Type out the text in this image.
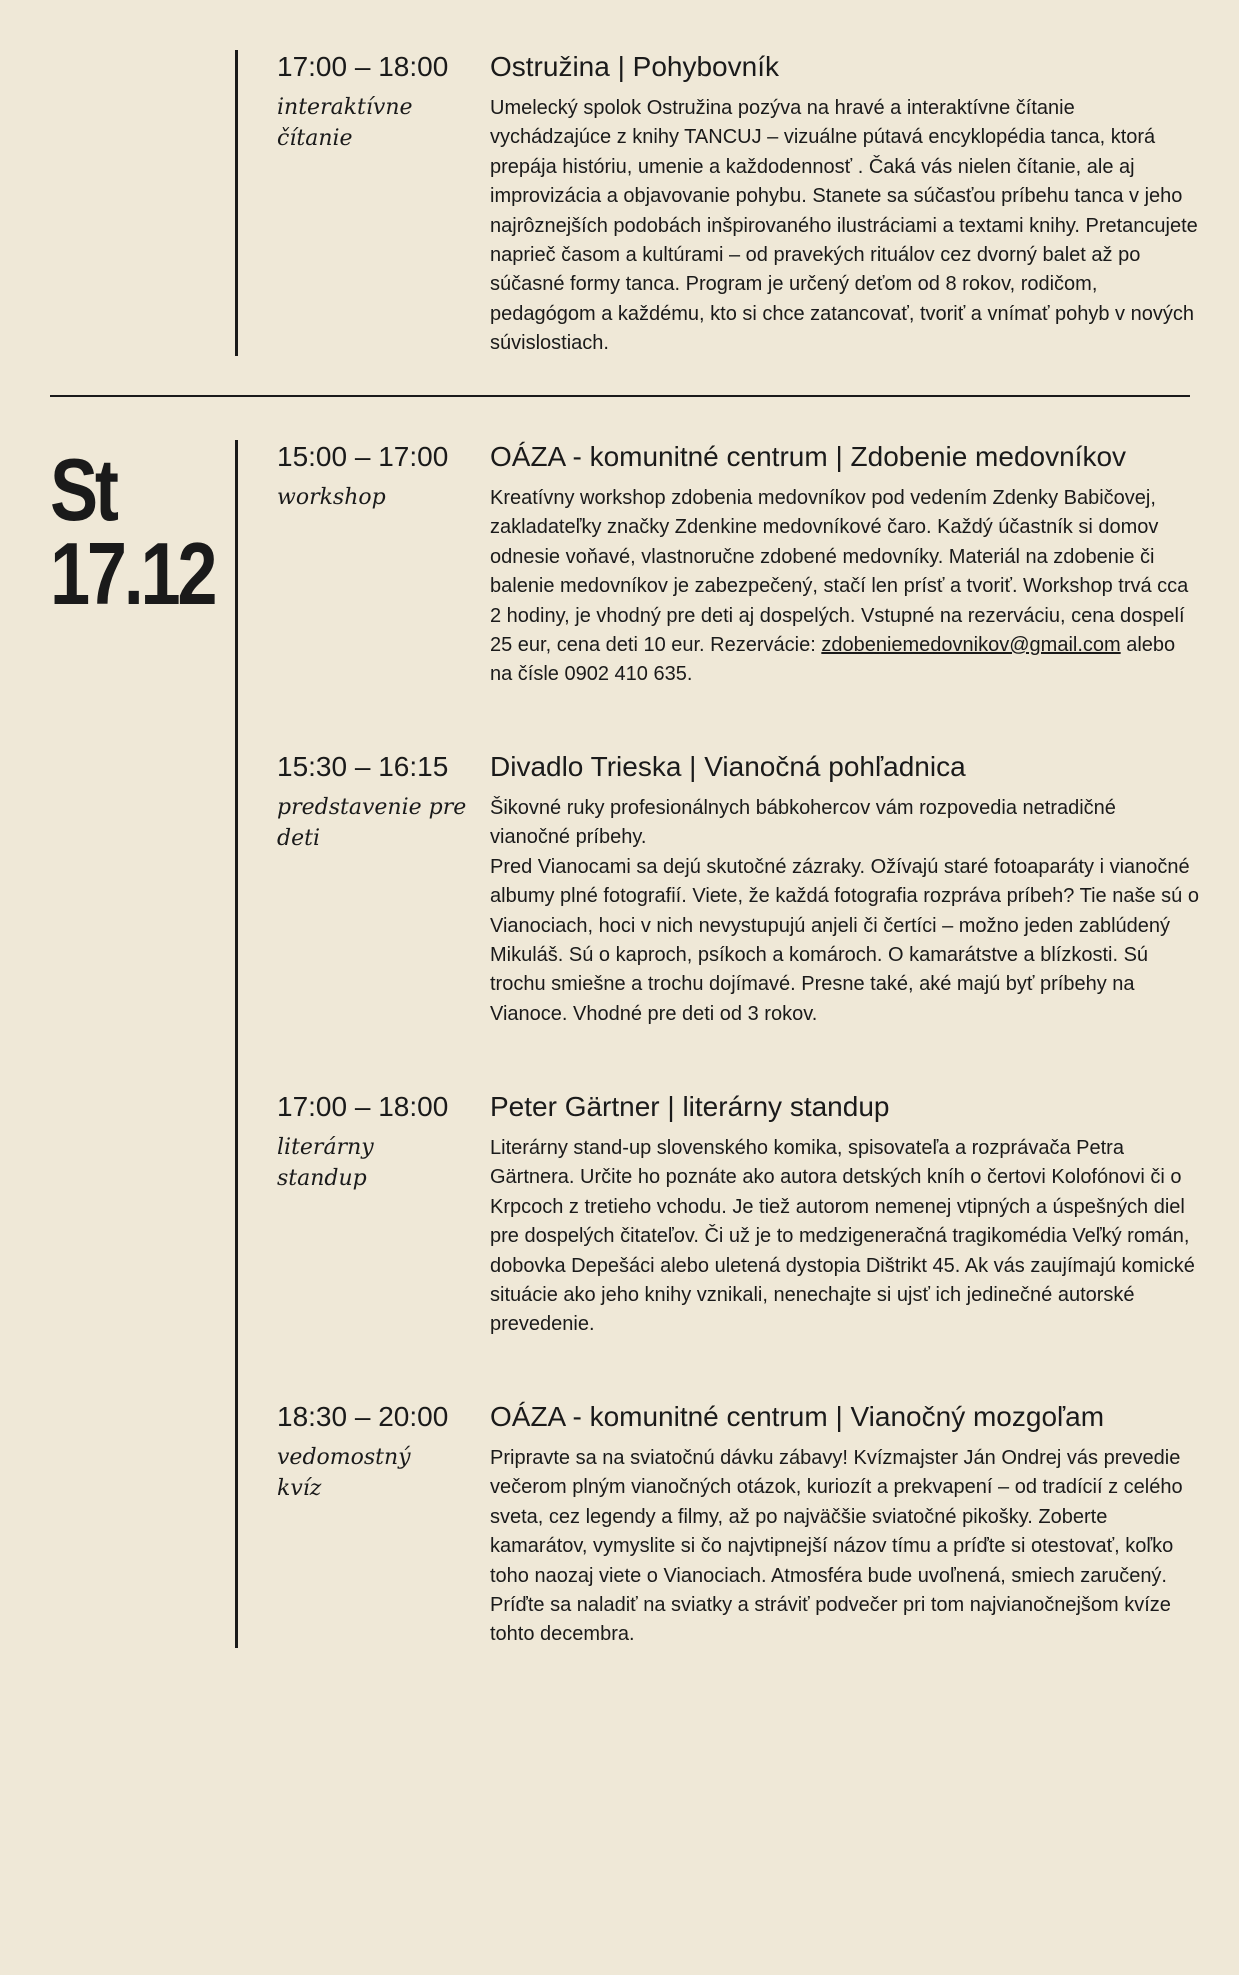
17:00 – 18:00
interaktívne čítanie
Ostružina | Pohybovník
Umelecký spolok Ostružina pozýva na hravé a interaktívne čítanie vychádzajúce z knihy TANCUJ – vizuálne pútavá encyklopédia tanca, ktorá prepája históriu, umenie a každodennosť . Čaká vás nielen čítanie, ale aj improvizácia a objavovanie pohybu. Stanete sa súčasťou príbehu tanca v jeho najrôznejších podobách inšpirovaného ilustráciami a textami knihy. Pretancujete naprieč časom a kultúrami – od pravekých rituálov cez dvorný balet až po súčasné formy tanca. Program je určený deťom od 8 rokov, rodičom, pedagógom a každému, kto si chce zatancovať, tvoriť a vnímať pohyb v nových súvislostiach.
St
17.12
15:00 – 17:00
workshop
OÁZA - komunitné centrum | Zdobenie medovníkov
Kreatívny workshop zdobenia medovníkov pod vedením Zdenky Babičovej, zakladateľky značky Zdenkine medovníkové čaro. Každý účastník si domov odnesie voňavé, vlastnoručne zdobené medovníky. Materiál na zdobenie či balenie medovníkov je zabezpečený, stačí len prísť a tvoriť. Workshop trvá cca 2 hodiny, je vhodný pre deti aj dospelých. Vstupné na rezerváciu, cena dospelí 25 eur, cena deti 10 eur. Rezervácie: zdobeniemedovnikov@gmail.com alebo na čísle 0902 410 635.
15:30 – 16:15
predstavenie pre deti
Divadlo Trieska | Vianočná pohľadnica
Šikovné ruky profesionálnych bábkohercov vám rozpovedia netradičné vianočné príbehy.
Pred Vianocami sa dejú skutočné zázraky. Ožívajú staré fotoaparáty i vianočné albumy plné fotografií. Viete, že každá fotografia rozpráva príbeh? Tie naše sú o Vianociach, hoci v nich nevystupujú anjeli či čertíci – možno jeden zablúdený Mikuláš. Sú o kaproch, psíkoch a komároch. O kamarátstve a blízkosti. Sú trochu smiešne a trochu dojímavé. Presne také, aké majú byť príbehy na Vianoce. Vhodné pre deti od 3 rokov.
17:00 – 18:00
literárny standup
Peter Gärtner | literárny standup
Literárny stand-up slovenského komika, spisovateľa a rozprávača Petra Gärtnera. Určite ho poznáte ako autora detských kníh o čertovi Kolofónovi či o Krpcoch z tretieho vchodu. Je tiež autorom nemenej vtipných a úspešných diel pre dospelých čitateľov. Či už je to medzigeneračná tragikomédia Veľký román, dobovka Depešáci alebo uletená dystopia Dištrikt 45. Ak vás zaujímajú komické situácie ako jeho knihy vznikali, nenechajte si ujsť ich jedinečné autorské prevedenie.
18:30 – 20:00
vedomostný kvíz
OÁZA - komunitné centrum | Vianočný mozgoľam
Pripravte sa na sviatočnú dávku zábavy! Kvízmajster Ján Ondrej vás prevedie večerom plným vianočných otázok, kuriozít a prekvapení – od tradícií z celého sveta, cez legendy a filmy, až po najväčšie sviatočné pikošky. Zoberte kamarátov, vymyslite si čo najvtipnejší názov tímu a príďte si otestovať, koľko toho naozaj viete o Vianociach. Atmosféra bude uvoľnená, smiech zaručený. Príďte sa naladiť na sviatky a stráviť podvečer pri tom najvianočnejšom kvíze tohto decembra.
